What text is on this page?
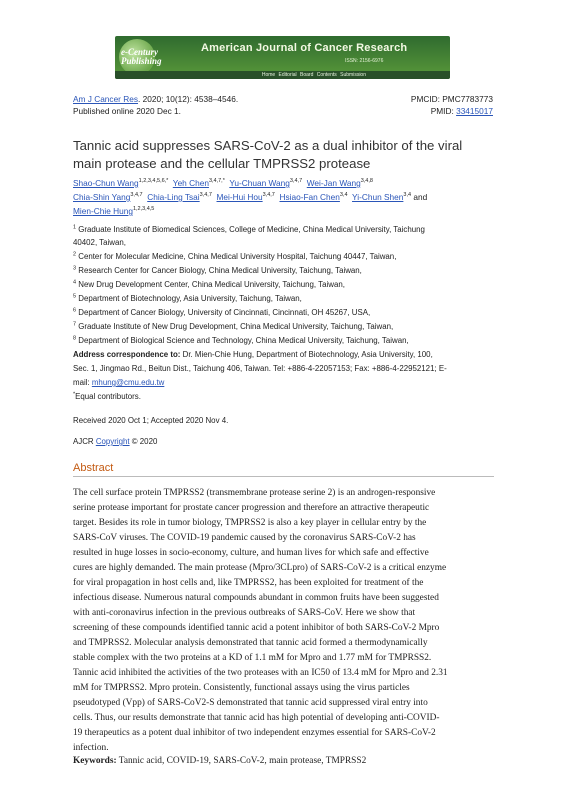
e-Century Publishing
American Journal of Cancer Research
ISSN: 2156-6976
Home Editorial Board Contents Submission
Am J Cancer Res. 2020; 10(12): 4538–4546.
Published online 2020 Dec 1.
PMCID: PMC7783773
PMID: 33415017
Tannic acid suppresses SARS-CoV-2 as a dual inhibitor of the viral
main protease and the cellular TMPRSS2 protease
Shao-Chun Wang$^{1,2,3,4,5,6,*}$ Yeh Chen$^{3,4,7,*}$ Yu-Chuan Wang$^{3,4,7}$ Wei-Jan Wang$^{3,4,8}$
Chia-Shin Yang$^{3,4,7}$ Chia-Ling Tsai$^{3,4,7}$ Mei-Hui Hou$^{3,4,7}$ Hsiao-Fan Chen$^{3,4}$ Yi-Chun Shen$^{3,4}$ and
Mien-Chie Hung$^{1,2,3,4,5}$
$^1$ Graduate Institute of Biomedical Sciences, College of Medicine, China Medical University, Taichung
40402, Taiwan,
$^2$ Center for Molecular Medicine, China Medical University Hospital, Taichung 40447, Taiwan,
$^3$ Research Center for Cancer Biology, China Medical University, Taichung, Taiwan,
$^4$ New Drug Development Center, China Medical University, Taichung, Taiwan,
$^5$ Department of Biotechnology, Asia University, Taichung, Taiwan,
$^6$ Department of Cancer Biology, University of Cincinnati, Cincinnati, OH 45267, USA,
$^7$ Graduate Institute of New Drug Development, China Medical University, Taichung, Taiwan,
$^8$ Department of Biological Science and Technology, China Medical University, Taichung, Taiwan,
Address correspondence to: Dr. Mien-Chie Hung, Department of Biotechnology, Asia University, 100,
Sec. 1, Jingmao Rd., Beitun Dist., Taichung 406, Taiwan. Tel: +886-4-22057153; Fax: +886-4-22952121; E-
mail: mhung@cmu.edu.tw
*Equal contributors.
Received 2020 Oct 1; Accepted 2020 Nov 4.
AJCR Copyright © 2020
Abstract
The cell surface protein TMPRSS2 (transmembrane protease serine 2) is an androgen-responsive
serine protease important for prostate cancer progression and therefore an attractive therapeutic
target. Besides its role in tumor biology, TMPRSS2 is also a key player in cellular entry by the
SARS-CoV viruses. The COVID-19 pandemic caused by the coronavirus SARS-CoV-2 has
resulted in huge losses in socio-economy, culture, and human lives for which safe and effective
cures are highly demanded. The main protease (Mpro/3CLpro) of SARS-CoV-2 is a critical enzyme
for viral propagation in host cells and, like TMPRSS2, has been exploited for treatment of the
infectious disease. Numerous natural compounds abundant in common fruits have been suggested
with anti-coronavirus infection in the previous outbreaks of SARS-CoV. Here we show that
screening of these compounds identified tannic acid a potent inhibitor of both SARS-CoV-2 Mpro
and TMPRSS2. Molecular analysis demonstrated that tannic acid formed a thermodynamically
stable complex with the two proteins at a KD of 1.1 mM for Mpro and 1.77 mM for TMPRSS2.
Tannic acid inhibited the activities of the two proteases with an IC50 of 13.4 mM for Mpro and 2.31
mM for TMPRSS2. Mpro protein. Consistently, functional assays using the virus particles
pseudotyped (Vpp) of SARS-CoV2-S demonstrated that tannic acid suppressed viral entry into
cells. Thus, our results demonstrate that tannic acid has high potential of developing anti-COVID-
19 therapeutics as a potent dual inhibitor of two independent enzymes essential for SARS-CoV-2
infection.
Keywords: Tannic acid, COVID-19, SARS-CoV-2, main protease, TMPRSS2
